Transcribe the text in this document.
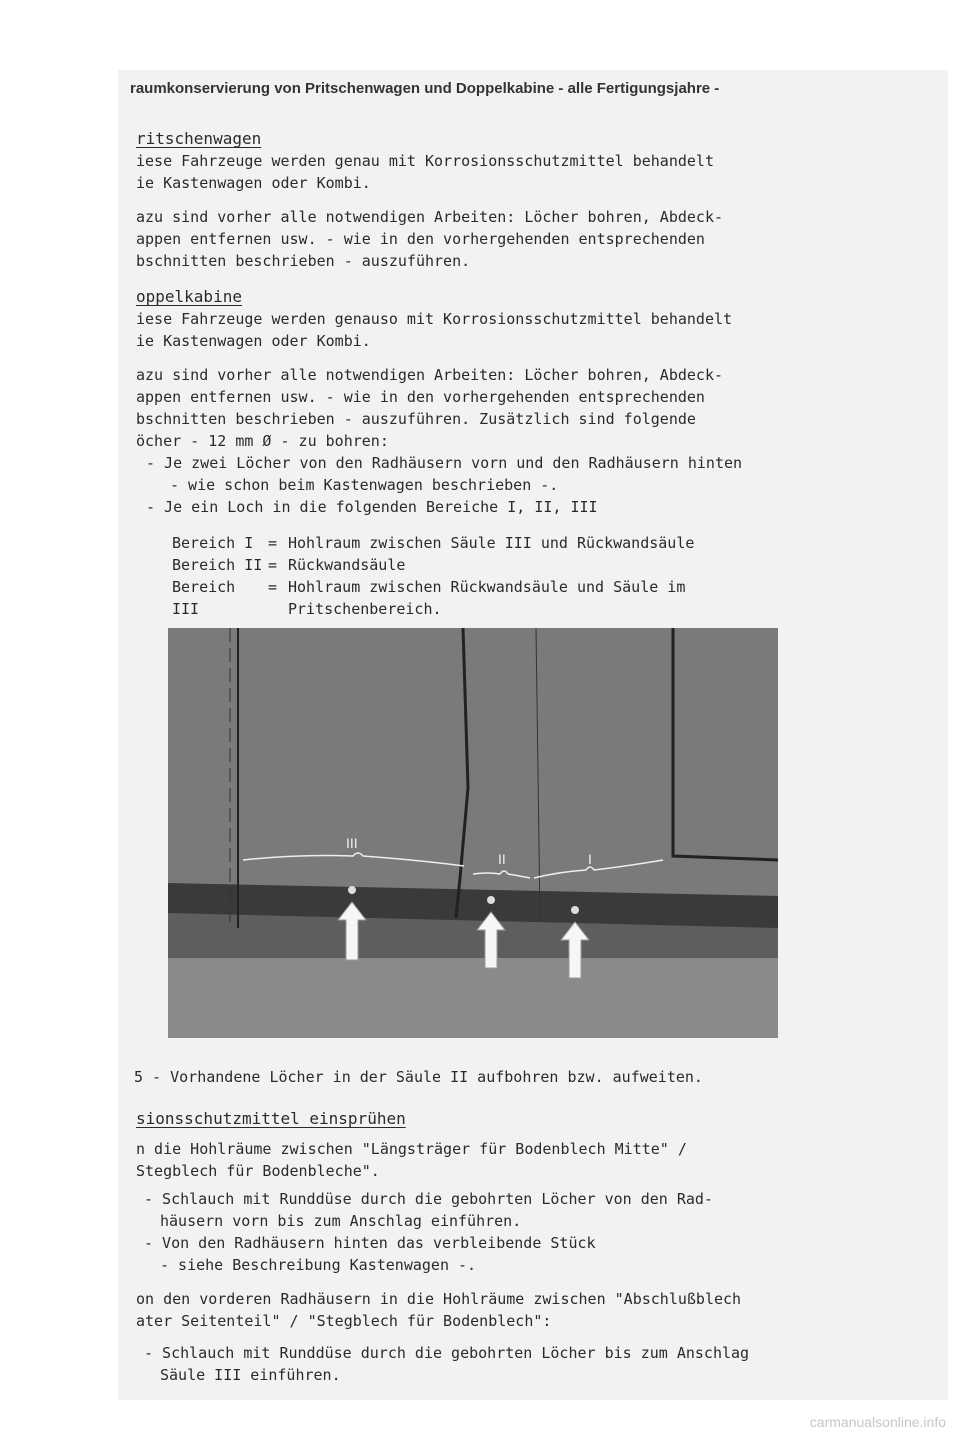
raumkonservierung von Pritschenwagen und Doppelkabine - alle Fertigungsjahre -
ritschenwagen
iese Fahrzeuge werden genau mit Korrosionsschutzmittel behandelt
ie Kastenwagen oder Kombi.
azu sind vorher alle notwendigen Arbeiten: Löcher bohren, Abdeck-
appen entfernen usw. - wie in den vorhergehenden entsprechenden
bschnitten beschrieben - auszuführen.
oppelkabine
iese Fahrzeuge werden genauso mit Korrosionsschutzmittel behandelt
ie Kastenwagen oder Kombi.
azu sind vorher alle notwendigen Arbeiten: Löcher bohren, Abdeck-
appen entfernen usw. - wie in den vorhergehenden entsprechenden
bschnitten beschrieben - auszuführen. Zusätzlich sind folgende
öcher - 12 mm Ø - zu bohren:
- Je zwei Löcher von den Radhäusern vorn und den Radhäusern hinten
- wie schon beim Kastenwagen beschrieben -.
- Je ein Loch in die folgenden Bereiche I, II, III
Bereich I = Hohlraum zwischen Säule III und Rückwandsäule
Bereich II = Rückwandsäule
Bereich III
= Hohlraum zwischen Rückwandsäule und Säule im Pritschenbereich.
III
II	I
5 - Vorhandene Löcher in der Säule II aufbohren bzw. aufweiten.
sionsschutzmittel einsprühen
n die Hohlräume zwischen "Längsträger für Bodenblech Mitte" /
Stegblech für Bodenbleche".
- Schlauch mit Runddüse durch die gebohrten Löcher von den Rad-
häusern vorn bis zum Anschlag einführen.
- Von den Radhäusern hinten das verbleibende Stück
- siehe Beschreibung Kastenwagen -.
on den vorderen Radhäusern in die Hohlräume zwischen "Abschlußblech
ater Seitenteil" / "Stegblech für Bodenblech":
- Schlauch mit Runddüse durch die gebohrten Löcher bis zum Anschlag
Säule III einführen.
carmanualsonline.info
